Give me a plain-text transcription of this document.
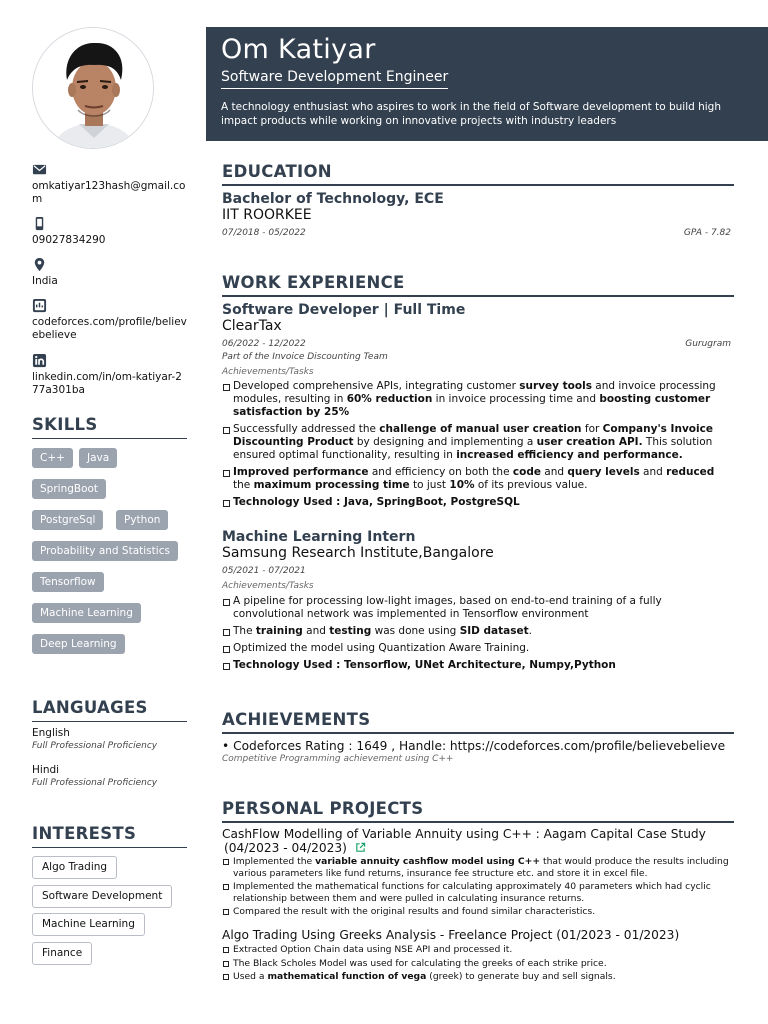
omkatiyar123hash@gmail.com
09027834290
India
codeforces.com/profile/believebelieve
linkedin.com/in/om-katiyar-277a301ba
SKILLS
C++	Java
SpringBoot
PostgreSql	Python
Probability and Statistics
Tensorflow
Machine Learning
Deep Learning
LANGUAGES
English
Full Professional Proficiency
Hindi
Full Professional Proficiency
INTERESTS
Algo Trading
Software Development
Machine Learning
Finance
Om Katiyar
Software Development Engineer
A technology enthusiast who aspires to work in the field of Software development to build high impact products while working on innovative projects with industry leaders
EDUCATION
Bachelor of Technology, ECE
IIT ROORKEE
07/2018 - 05/2022	GPA - 7.82
WORK EXPERIENCE
Software Developer | Full Time
ClearTax
06/2022 - 12/2022	Gurugram
Part of the Invoice Discounting Team
Achievements/Tasks
Developed comprehensive APIs, integrating customer survey tools and invoice processing modules, resulting in 60% reduction in invoice processing time and boosting customer satisfaction by 25%
Successfully addressed the challenge of manual user creation for Company's Invoice Discounting Product by designing and implementing a user creation API. This solution ensured optimal functionality, resulting in increased efficiency and performance.
Improved performance and efficiency on both the code and query levels and reduced the maximum processing time to just 10% of its previous value.
Technology Used : Java, SpringBoot, PostgreSQL
Machine Learning Intern
Samsung Research Institute,Bangalore
05/2021 - 07/2021
Achievements/Tasks
A pipeline for processing low-light images, based on end-to-end training of a fully convolutional network was implemented in Tensorflow environment
The training and testing was done using SID dataset.
Optimized the model using Quantization Aware Training.
Technology Used : Tensorflow, UNet Architecture, Numpy,Python
ACHIEVEMENTS
• Codeforces Rating : 1649 , Handle: https://codeforces.com/profile/believebelieve
Competitive Programming achievement using C++
PERSONAL PROJECTS
CashFlow Modelling of Variable Annuity using C++ : Aagam Capital Case Study
(04/2023 - 04/2023)
Implemented the variable annuity cashflow model using C++ that would produce the results including various parameters like fund returns, insurance fee structure etc. and store it in excel file.
Implemented the mathematical functions for calculating approximately 40 parameters which had cyclic relationship between them and were pulled in calculating insurance returns.
Compared the result with the original results and found similar characteristics.
Algo Trading Using Greeks Analysis - Freelance Project (01/2023 - 01/2023)
Extracted Option Chain data using NSE API and processed it.
The Black Scholes Model was used for calculating the greeks of each strike price.
Used a mathematical function of vega (greek) to generate buy and sell signals.
